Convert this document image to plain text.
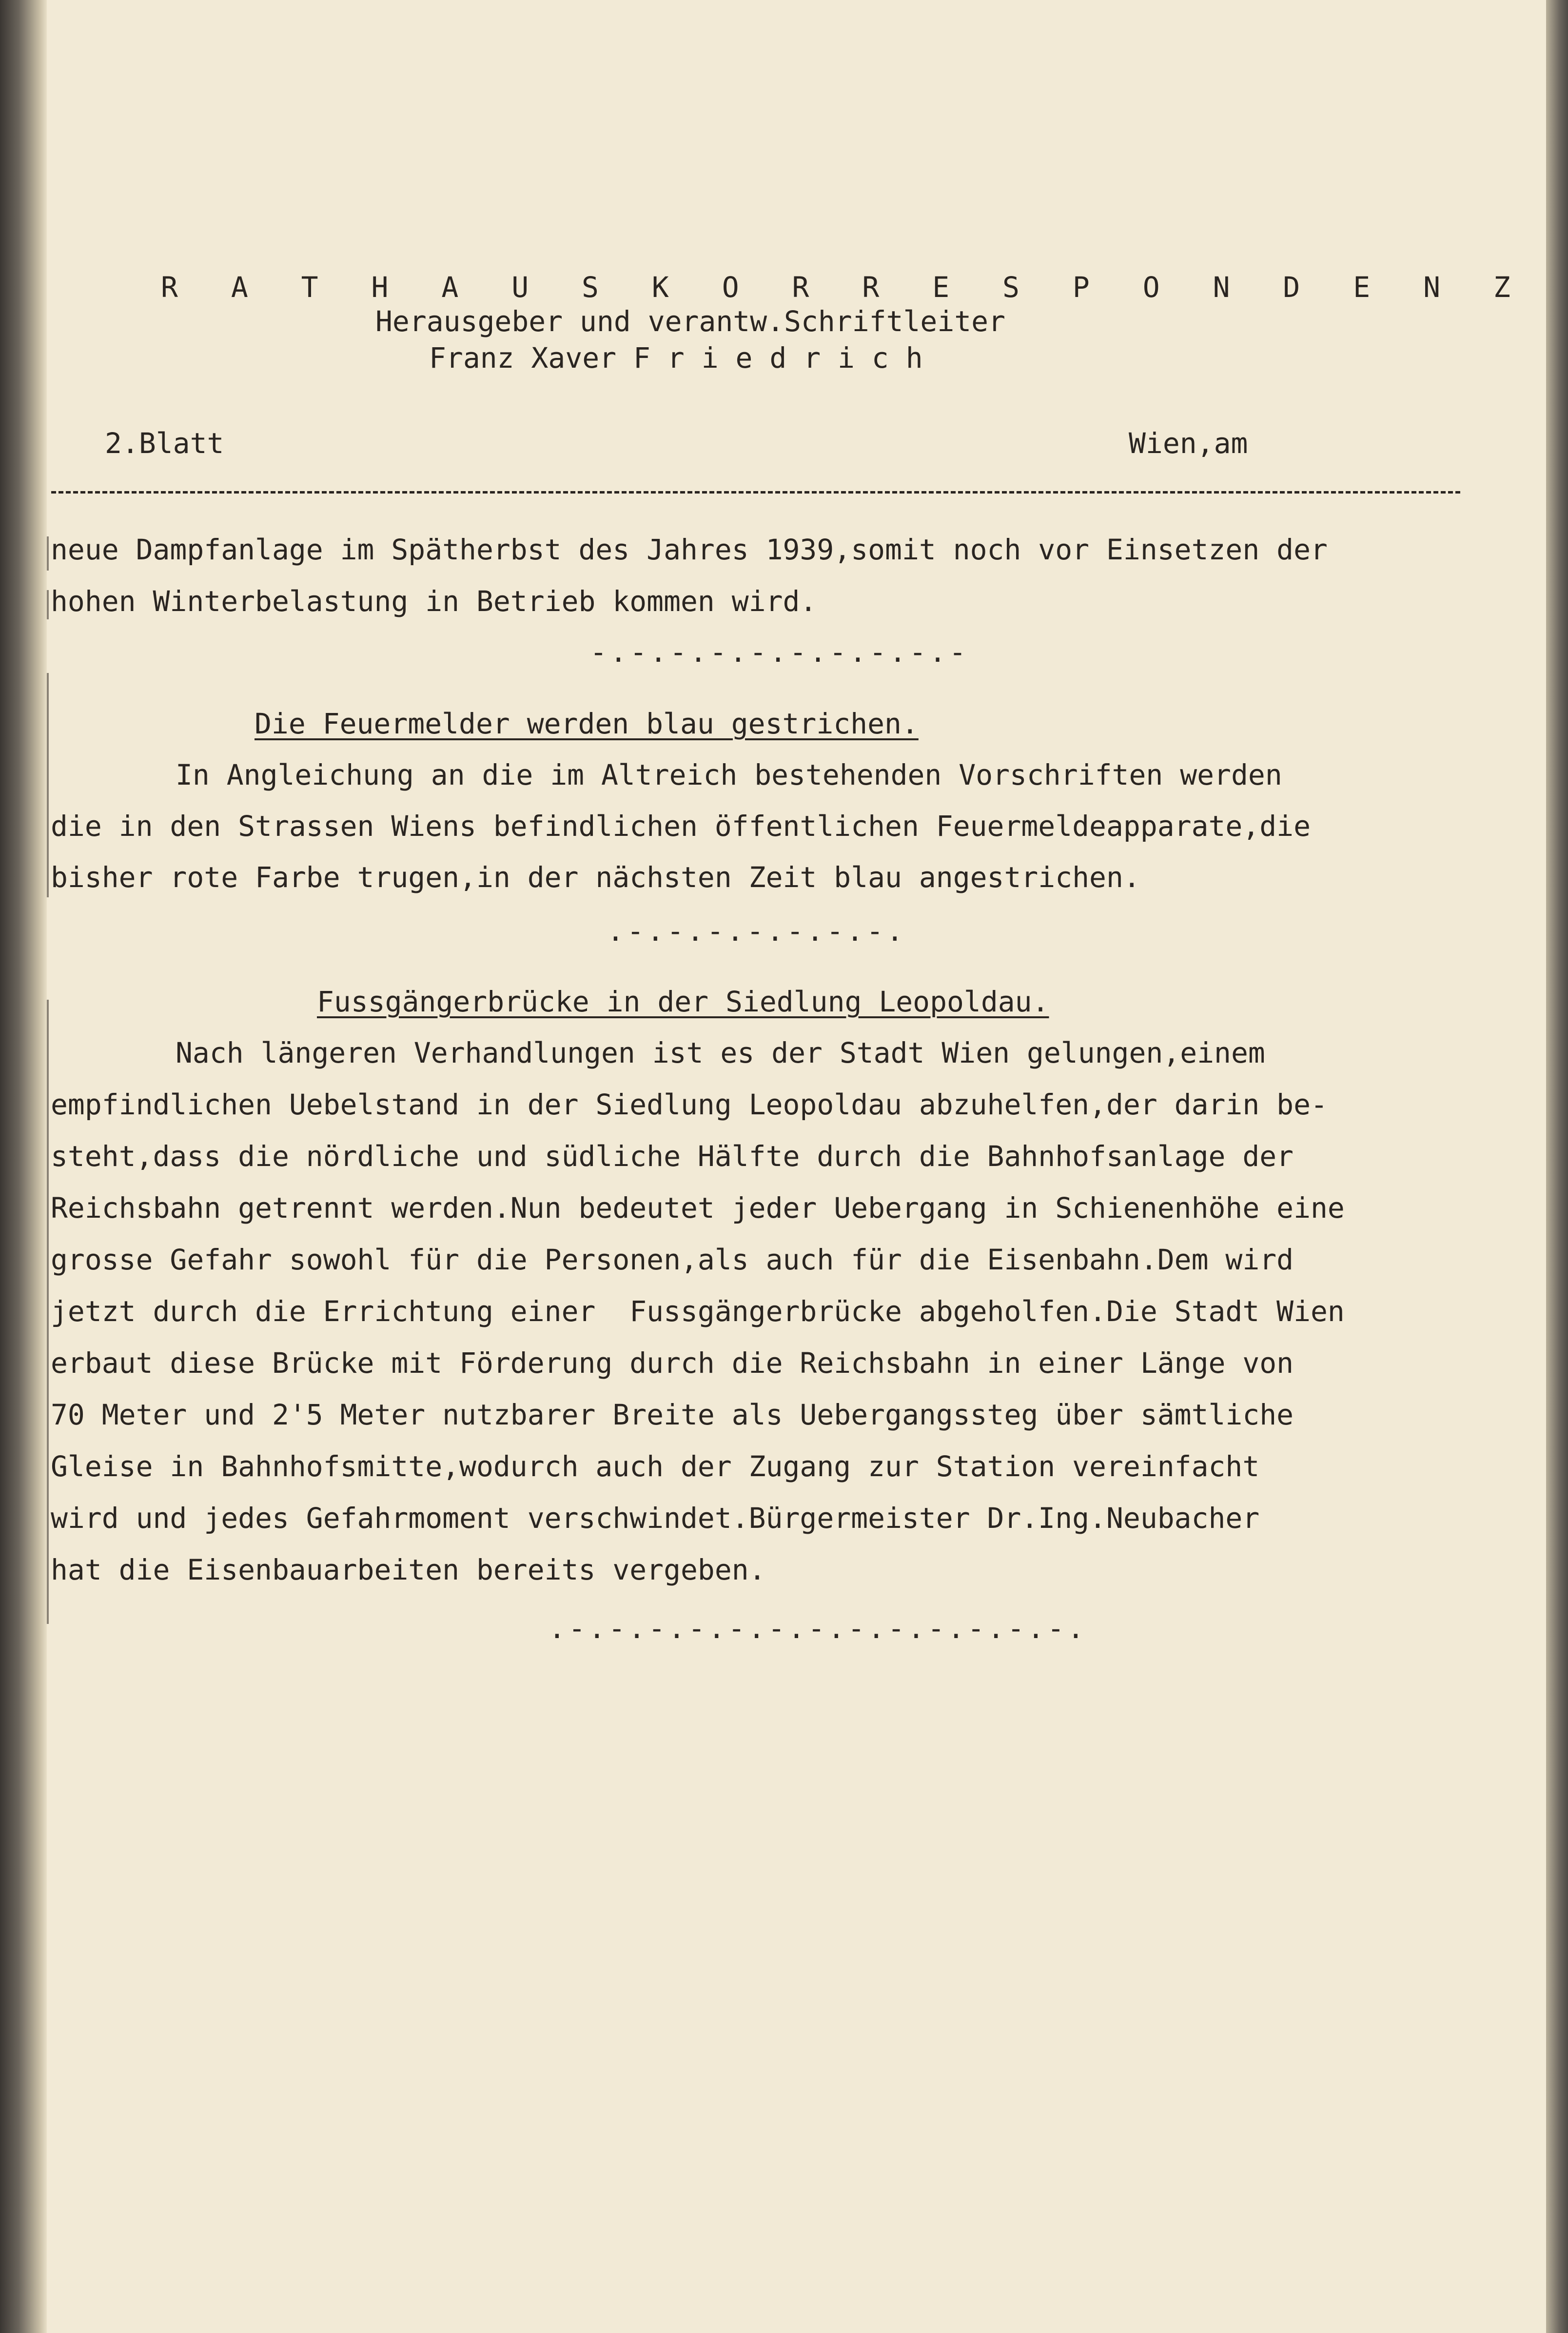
R A T H A U S K O R R E S P O N D E N Z
Herausgeber und verantw.Schriftleiter
Franz Xaver F r i e d r i c h
2.Blatt	Wien,am
neue Dampfanlage im Spätherbst des Jahres 1939,somit noch vor Einsetzen der
hohen Winterbelastung in Betrieb kommen wird.
-.-.-.-.-.-.-.-.-.-
Die Feuermelder werden blau gestrichen.
In Angleichung an die im Altreich bestehenden Vorschriften werden
die in den Strassen Wiens befindlichen öffentlichen Feuermeldeapparate,die
bisher rote Farbe trugen,in der nächsten Zeit blau angestrichen.
.-.-.-.-.-.-.-.
Fussgängerbrücke in der Siedlung Leopoldau.
Nach längeren Verhandlungen ist es der Stadt Wien gelungen,einem
empfindlichen Uebelstand in der Siedlung Leopoldau abzuhelfen,der darin be-
steht,dass die nördliche und südliche Hälfte durch die Bahnhofsanlage der
Reichsbahn getrennt werden.Nun bedeutet jeder Uebergang in Schienenhöhe eine
grosse Gefahr sowohl für die Personen,als auch für die Eisenbahn.Dem wird
jetzt durch die Errichtung einer  Fussgängerbrücke abgeholfen.Die Stadt Wien
erbaut diese Brücke mit Förderung durch die Reichsbahn in einer Länge von
70 Meter und 2'5 Meter nutzbarer Breite als Uebergangssteg über sämtliche
Gleise in Bahnhofsmitte,wodurch auch der Zugang zur Station vereinfacht
wird und jedes Gefahrmoment verschwindet.Bürgermeister Dr.Ing.Neubacher
hat die Eisenbauarbeiten bereits vergeben.
.-.-.-.-.-.-.-.-.-.-.-.-.-.
